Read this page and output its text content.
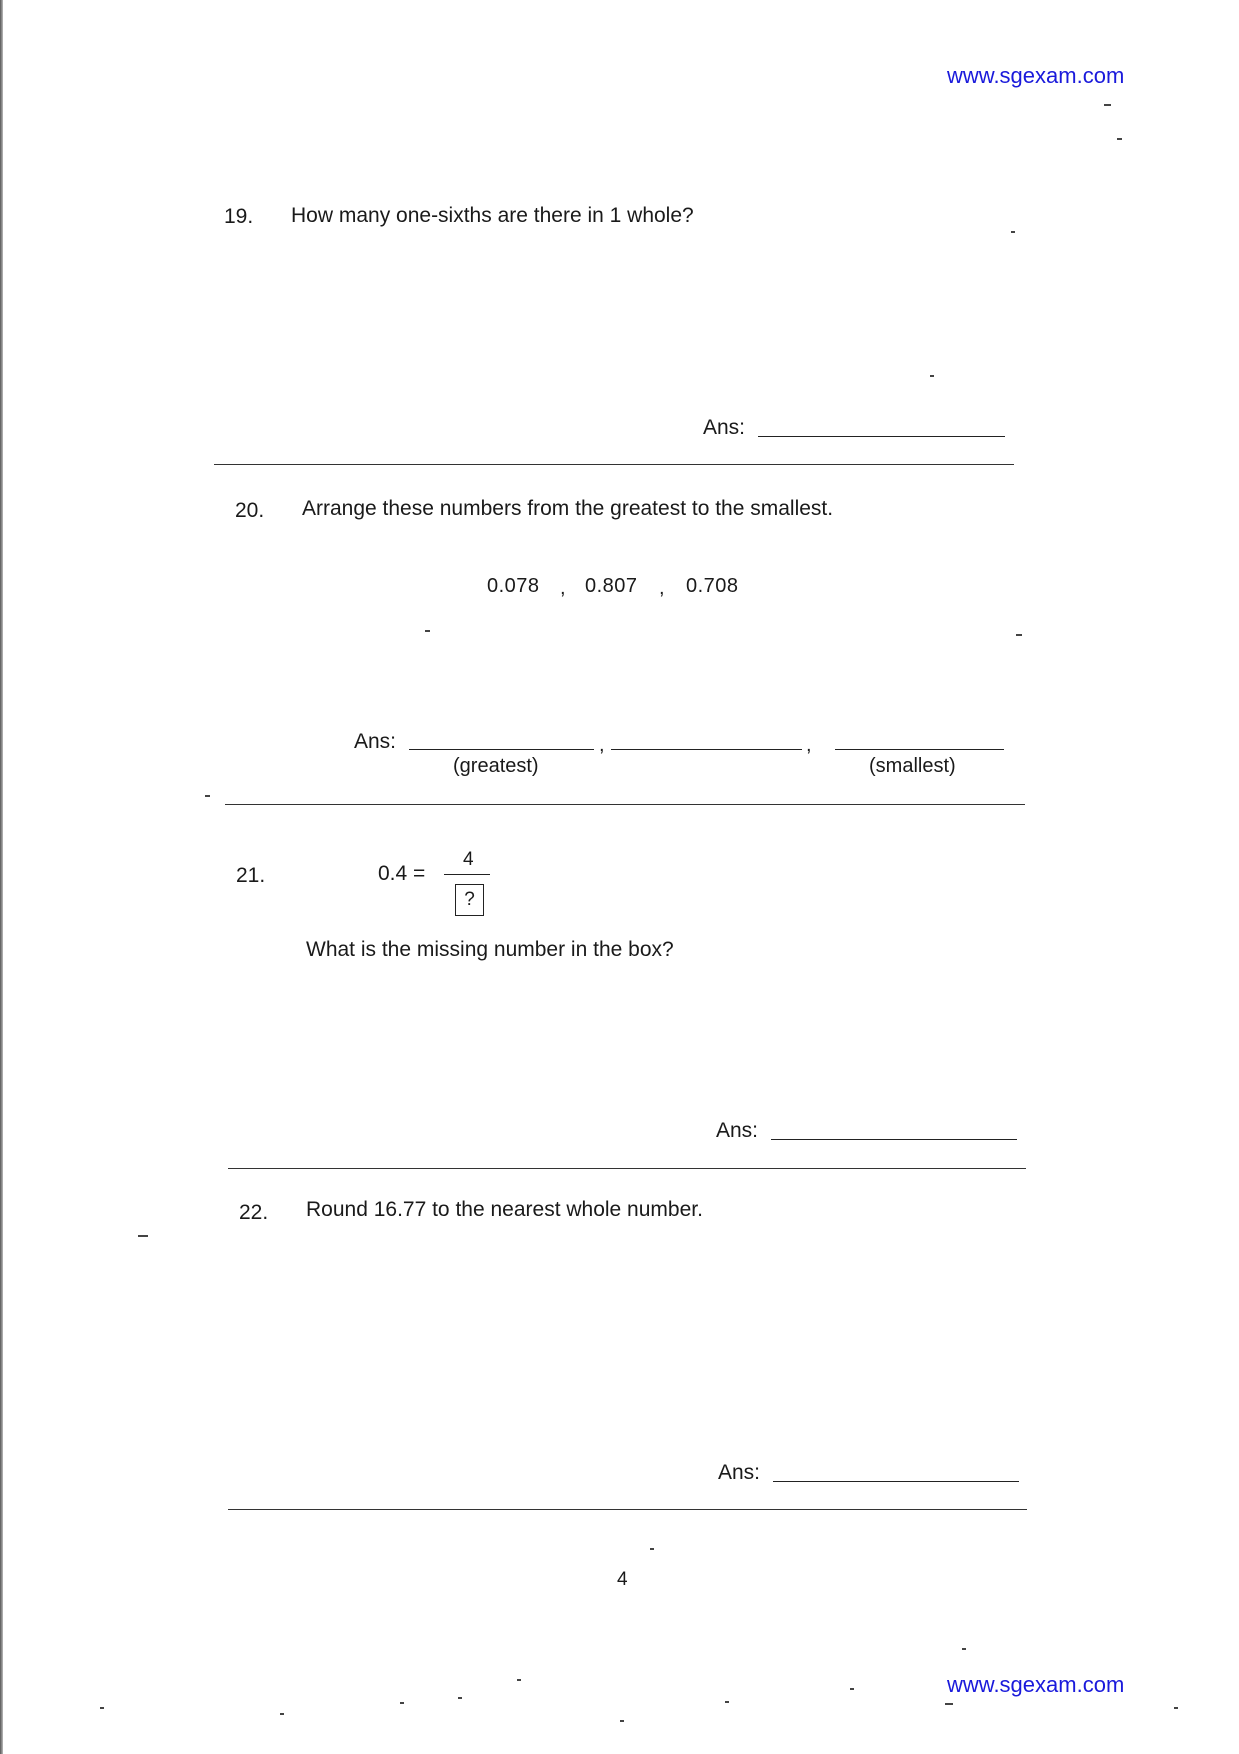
www.sgexam.com
19. How many one-sixths are there in 1 whole?
Ans:
20. Arrange these numbers from the greatest to the smallest.
0.078 , 0.807 , 0.708
Ans:	,	,
(greatest)	(smallest)
21.	0.4 =
4
?
What is the missing number in the box?
Ans:
22. Round 16.77 to the nearest whole number.
Ans:
4
www.sgexam.com
